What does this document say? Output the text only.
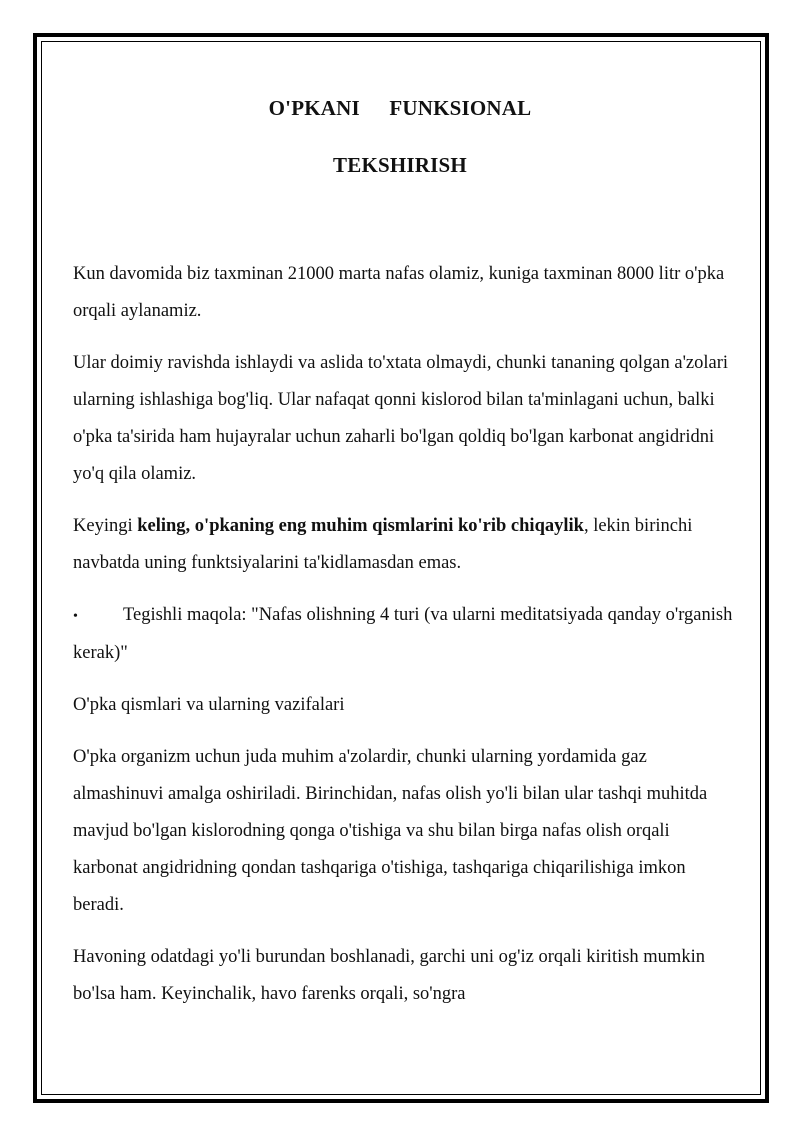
O'PKANI FUNKSIONAL
TEKSHIRISH

Kun davomida biz taxminan 21000 marta nafas olamiz, kuniga taxminan 8000 litr o'pka orqali aylanamiz.

Ular doimiy ravishda ishlaydi va aslida to'xtata olmaydi, chunki tananing qolgan a'zolari ularning ishlashiga bog'liq. Ular nafaqat qonni kislorod bilan ta'minlagani uchun, balki o'pka ta'sirida ham hujayralar uchun zaharli bo'lgan qoldiq bo'lgan karbonat angidridni yo'q qila olamiz.

Keyingi keling, o'pkaning eng muhim qismlarini ko'rib chiqaylik, lekin birinchi navbatda uning funktsiyalarini ta'kidlamasdan emas.

• Tegishli maqola: "Nafas olishning 4 turi (va ularni meditatsiyada qanday o'rganish kerak)"

O'pka qismlari va ularning vazifalari

O'pka organizm uchun juda muhim a'zolardir, chunki ularning yordamida gaz almashinuvi amalga oshiriladi. Birinchidan, nafas olish yo'li bilan ular tashqi muhitda mavjud bo'lgan kislorodning qonga o'tishiga va shu bilan birga nafas olish orqali karbonat angidridning qondan tashqariga o'tishiga, tashqariga chiqarilishiga imkon beradi.

Havoning odatdagi yo'li burundan boshlanadi, garchi uni og'iz orqali kiritish mumkin bo'lsa ham. Keyinchalik, havo farenks orqali, so'ngra
